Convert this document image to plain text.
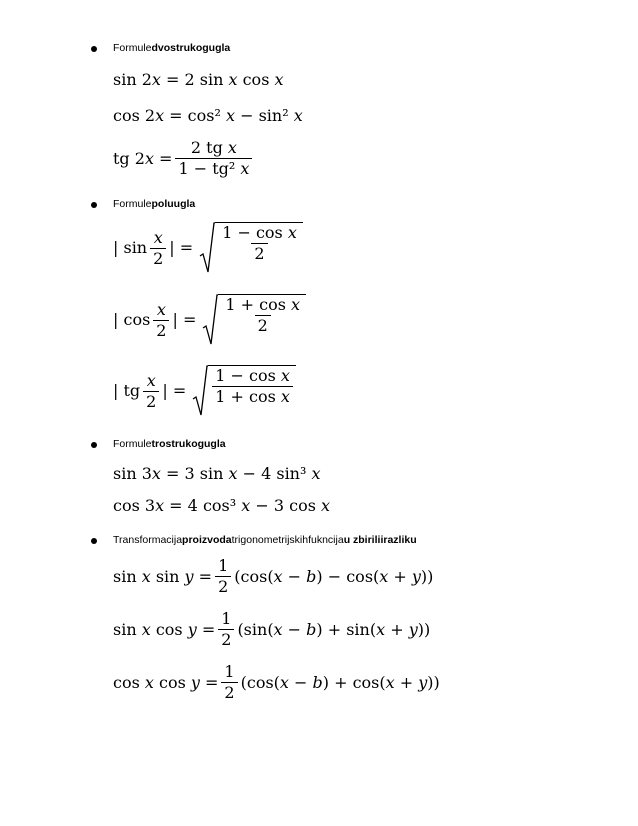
Formuledvostrukogugla
sin 2𝑥 = 2 sin 𝑥 cos 𝑥
cos 2𝑥 = cos² 𝑥 − sin² 𝑥
tg 2𝑥 = $\frac{\text{2 tg 𝑥}}{\text{1 − tg² 𝑥}}$
Formulepoluugla
| $\sin \frac{\text{𝑥}}{2}$ | = $\frac{\text{1 − cos 𝑥}}{2}$
| $\cos \frac{\text{𝑥}}{2}$ | = $\frac{\text{1 + cos 𝑥}}{2}$
| tg $\frac{\text{𝑥}}{2}$ | = $\frac{\text{1 − cos 𝑥}}{\text{1 + cos 𝑥}}$
Formuletrostrukogugla
sin 3𝑥 = 3 sin 𝑥 − 4 sin³ 𝑥
cos 3𝑥 = 4 cos³ 𝑥 − 3 cos 𝑥
Transformacijaproizvodatrigonometrijskihfukncijau zbiriliirazliku
sin 𝑥 sin 𝑦 = $\frac{1}{2}$ (cos(𝑥 − 𝑏) − cos(𝑥 + 𝑦))
sin 𝑥 cos 𝑦 = $\frac{1}{2}$ (sin(𝑥 − 𝑏) + sin(𝑥 + 𝑦))
cos 𝑥 cos 𝑦 = $\frac{1}{2}$ (cos(𝑥 − 𝑏) + cos(𝑥 + 𝑦))
